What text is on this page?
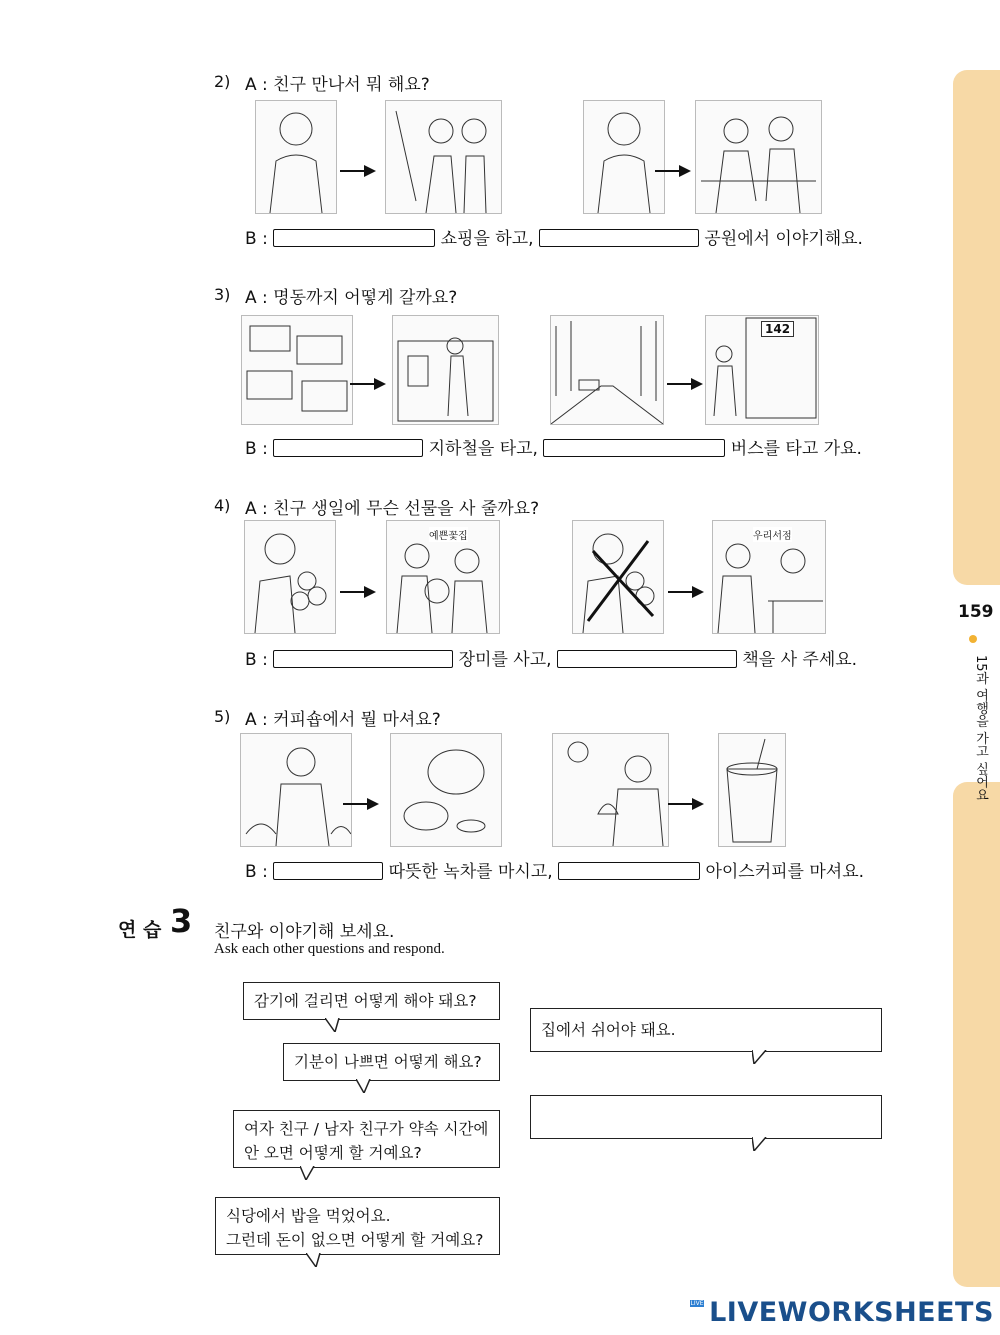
159
15과 여행을 가고 싶어요
2) A : 친구 만나서 뭐 해요?
B :	쇼핑을 하고,	공원에서 이야기해요.
3) A : 명동까지 어떻게 갈까요?
142
B :	지하철을 타고,	버스를 타고 가요.
4) A : 친구 생일에 무슨 선물을 사 줄까요?
예쁜꽃집	우리서점
B :	장미를 사고,	책을 사 주세요.
5) A : 커피숍에서 뭘 마셔요?
B :	따뜻한 녹차를 마시고,	아이스커피를 마셔요.
연 습 3 친구와 이야기해 보세요.
Ask each other questions and respond.
감기에 걸리면 어떻게 해야 돼요?
기분이 나쁘면 어떻게 해요?
여자 친구 / 남자 친구가 약속 시간에
안 오면 어떻게 할 거예요?
식당에서 밥을 먹었어요.
그런데 돈이 없으면 어떻게 할 거예요?
집에서 쉬어야 돼요.
LIVE LIVEWORKSHEETS
